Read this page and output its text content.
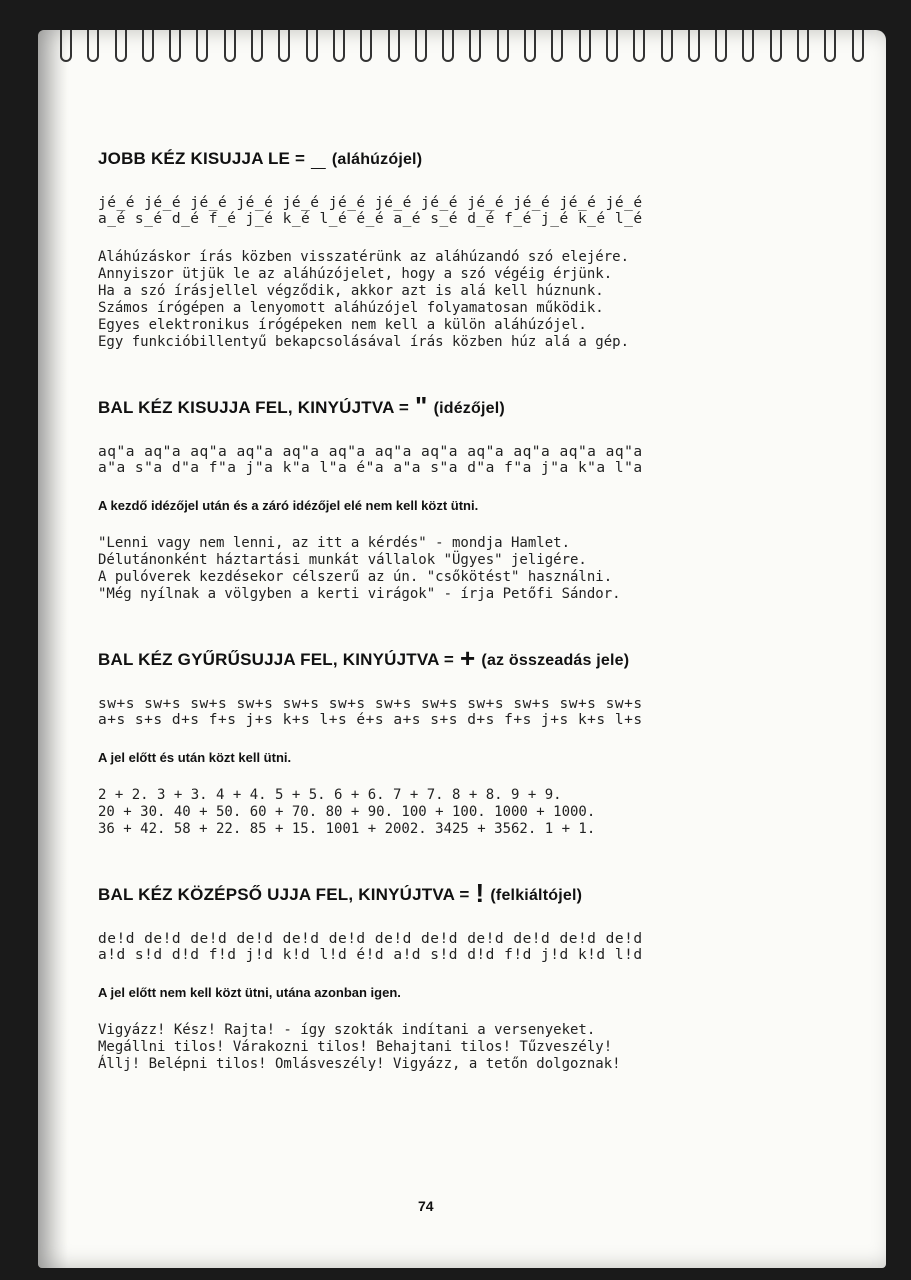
JOBB KÉZ KISUJJA LE = _ (aláhúzójel)

jé_é jé_é jé_é jé_é jé_é jé_é jé_é jé_é jé_é jé_é jé_é jé_é

a_é s_é d_é f_é j_é k_é l_é é_é a_é s_é d_é f_é j_é k_é l_é

Aláhúzáskor írás közben visszatérünk az aláhúzandó szó elejére.
Annyiszor ütjük le az aláhúzójelet, hogy a szó végéig érjünk.
Ha a szó írásjellel végződik, akkor azt is alá kell húznunk.
Számos írógépen a lenyomott aláhúzójel folyamatosan működik.
Egyes elektronikus írógépeken nem kell a külön aláhúzójel.
Egy funkcióbillentyű bekapcsolásával írás közben húz alá a gép.
BAL KÉZ KISUJJA FEL, KINYÚJTVA = " (idézőjel)

aq"a aq"a aq"a aq"a aq"a aq"a aq"a aq"a aq"a aq"a aq"a aq"a

a"a s"a d"a f"a j"a k"a l"a é"a a"a s"a d"a f"a j"a k"a l"a

A kezdő idézőjel után és a záró idézőjel elé nem kell közt ütni.
"Lenni vagy nem lenni, az itt a kérdés" - mondja Hamlet.
Délutánonként háztartási munkát vállalok "Ügyes" jeligére.
A pulóverek kezdésekor célszerű az ún. "csőkötést" használni.
"Még nyílnak a völgyben a kerti virágok" - írja Petőfi Sándor.
BAL KÉZ GYŰRŰSUJJA FEL, KINYÚJTVA = + (az összeadás jele)

sw+s sw+s sw+s sw+s sw+s sw+s sw+s sw+s sw+s sw+s sw+s sw+s

a+s s+s d+s f+s j+s k+s l+s é+s a+s s+s d+s f+s j+s k+s l+s

A jel előtt és után közt kell ütni.
2 + 2. 3 + 3. 4 + 4. 5 + 5. 6 + 6. 7 + 7. 8 + 8. 9 + 9.
20 + 30. 40 + 50. 60 + 70. 80 + 90. 100 + 100. 1000 + 1000.
36 + 42. 58 + 22. 85 + 15. 1001 + 2002. 3425 + 3562. 1 + 1.
BAL KÉZ KÖZÉPSŐ UJJA FEL, KINYÚJTVA = ! (felkiáltójel)

de!d de!d de!d de!d de!d de!d de!d de!d de!d de!d de!d de!d

a!d s!d d!d f!d j!d k!d l!d é!d a!d s!d d!d f!d j!d k!d l!d

A jel előtt nem kell közt ütni, utána azonban igen.
Vigyázz! Kész! Rajta! - így szokták indítani a versenyeket.
Megállni tilos! Várakozni tilos! Behajtani tilos! Tűzveszély!
Állj! Belépni tilos! Omlásveszély! Vigyázz, a tetőn dolgoznak!
74
